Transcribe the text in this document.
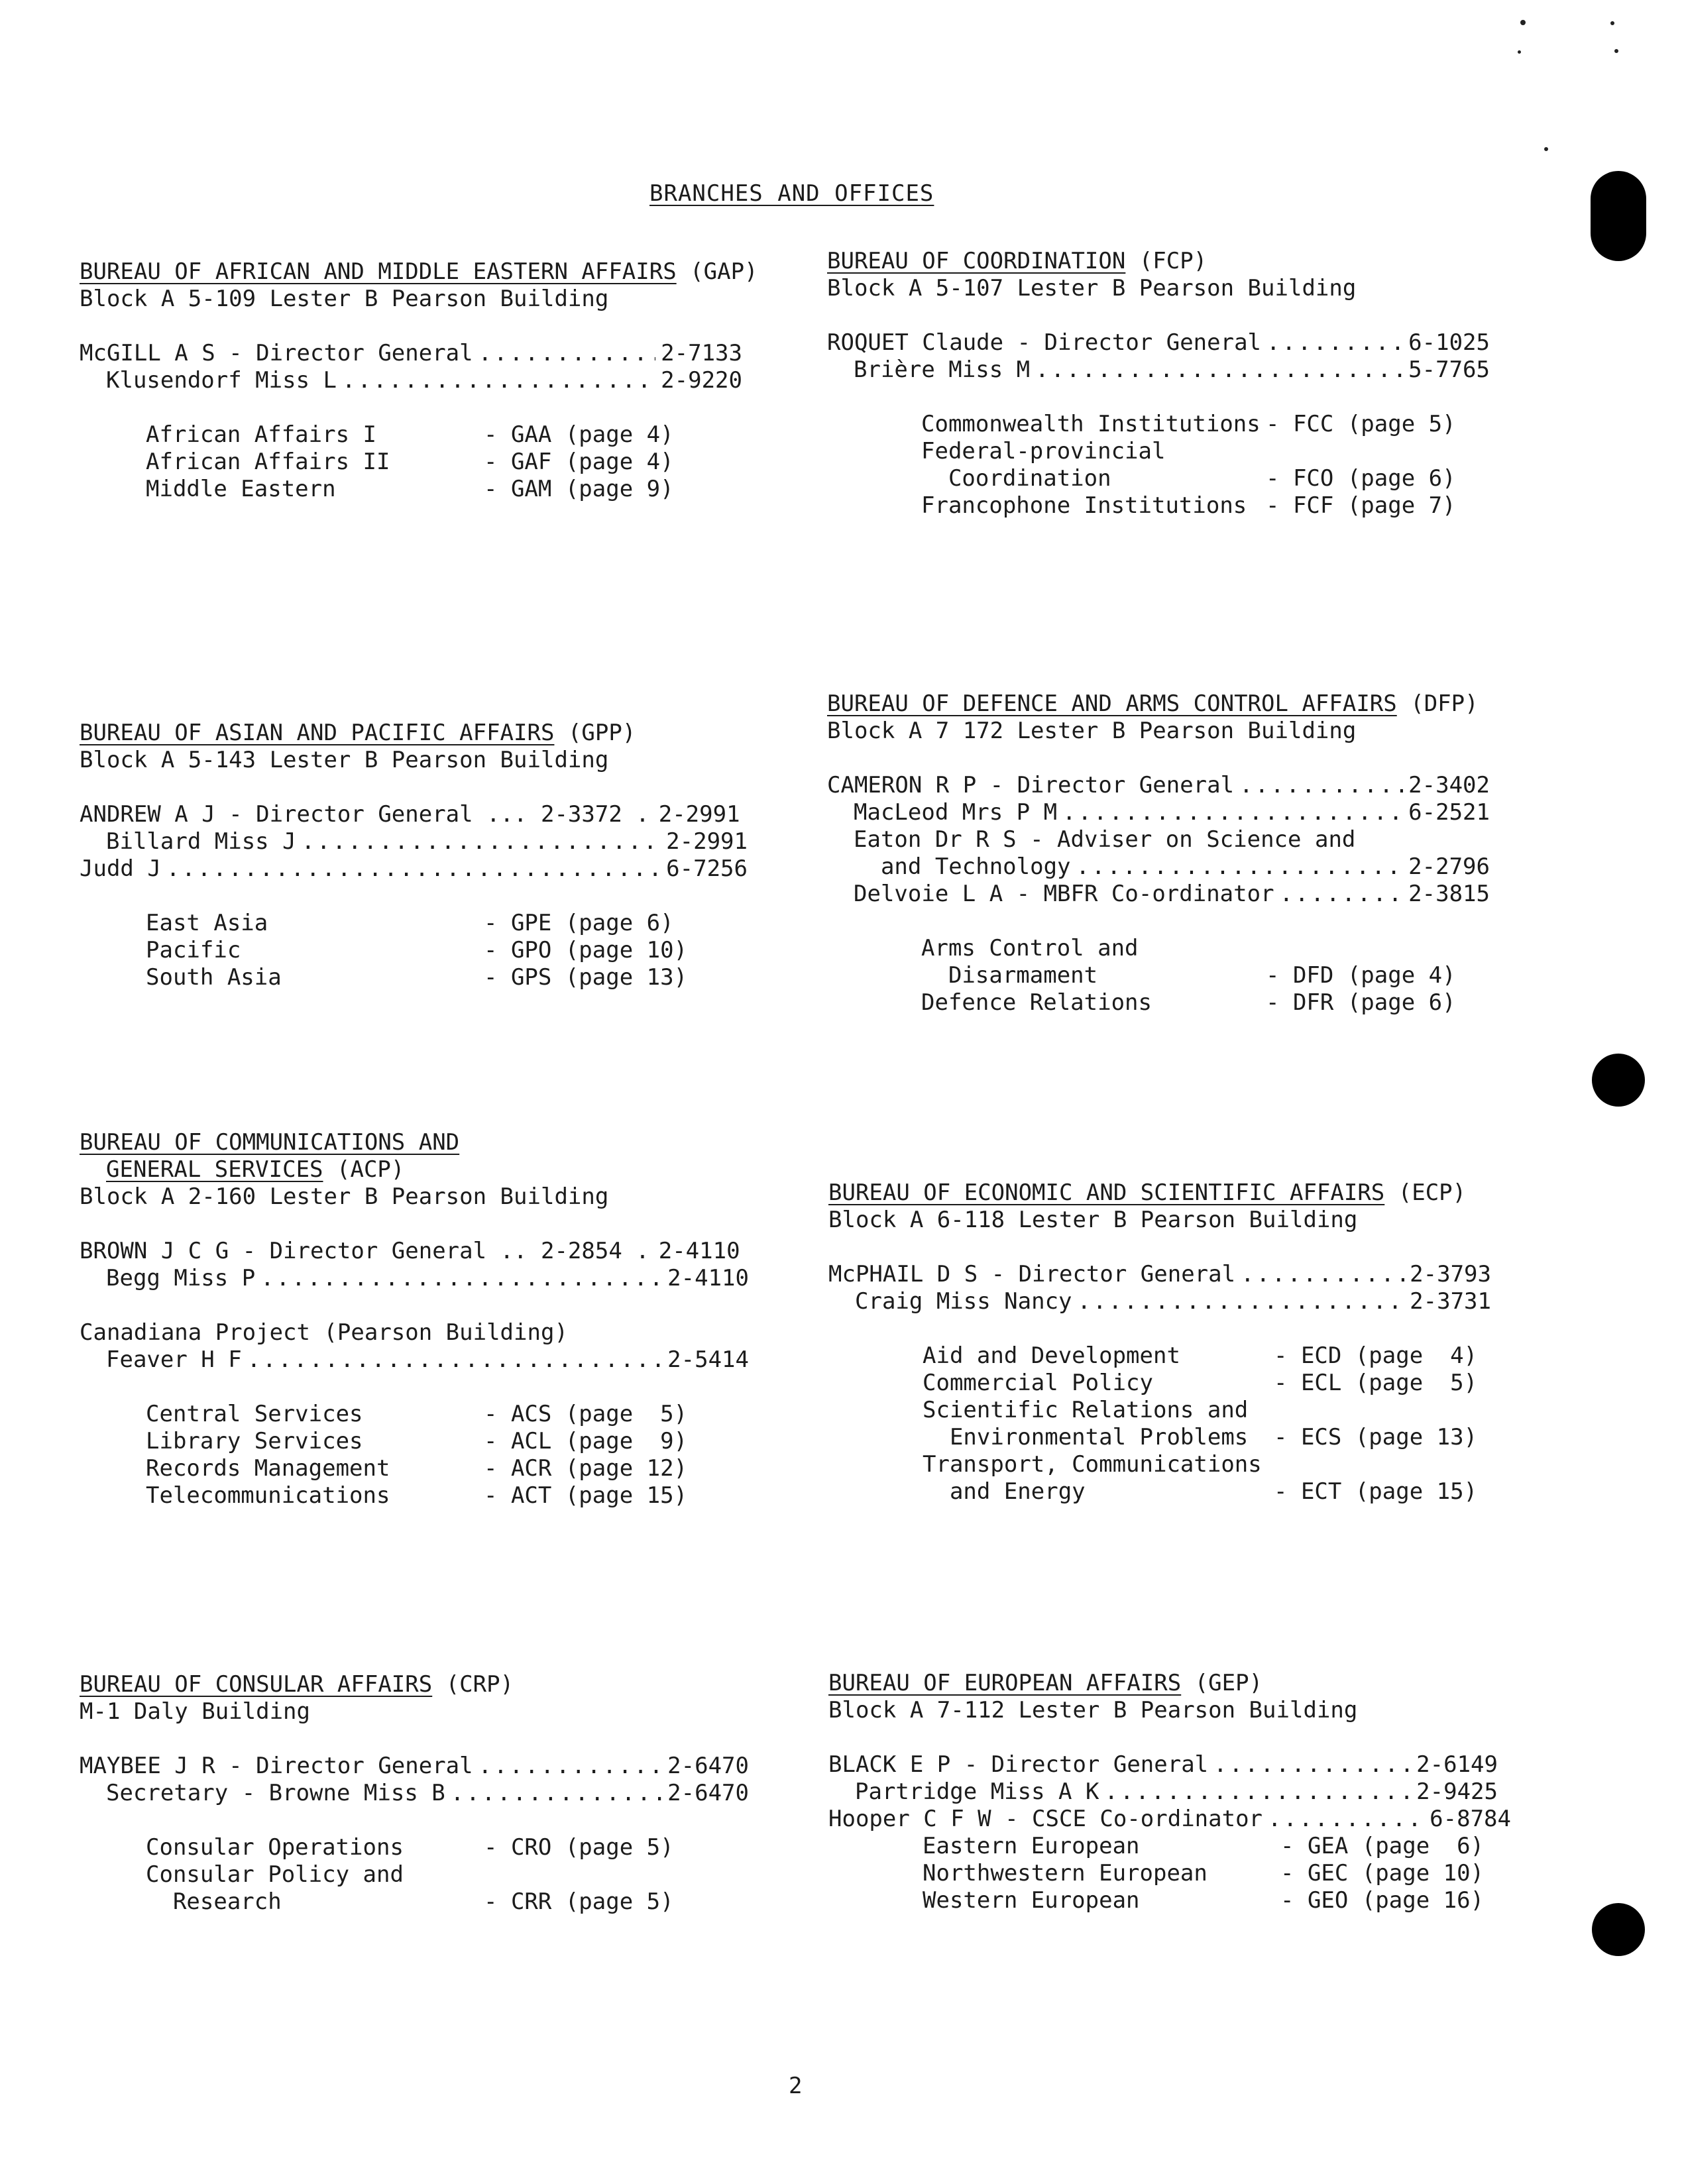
BRANCHES AND OFFICES
BUREAU OF AFRICAN AND MIDDLE EASTERN AFFAIRS (GAP)
Block A 5-109 Lester B Pearson Building
McGILL A S - Director General .....	2-7133
Klusendorf Miss L .....	2-9220
African Affairs I	- GAA (page 4)
African Affairs II	- GAF (page 4)
Middle Eastern	- GAM (page 9)
BUREAU OF ASIAN AND PACIFIC AFFAIRS (GPP)
Block A 5-143 Lester B Pearson Building
ANDREW A J - Director General ... 2-3372 . 2-2991
Billard Miss J .....	2-2991
Judd J .....	6-7256
East Asia	- GPE (page 6)
Pacific	- GPO (page 10)
South Asia	- GPS (page 13)
BUREAU OF COMMUNICATIONS AND
GENERAL SERVICES (ACP)
Block A 2-160 Lester B Pearson Building
BROWN J C G - Director General .. 2-2854 . 2-4110
Begg Miss P .....	2-4110
Canadiana Project (Pearson Building)
Feaver H F .....	2-5414
Central Services	- ACS (page  5)
Library Services	- ACL (page  9)
Records Management	- ACR (page 12)
Telecommunications	- ACT (page 15)
BUREAU OF CONSULAR AFFAIRS (CRP)
M-1 Daly Building
MAYBEE J R - Director General .....	2-6470
Secretary - Browne Miss B .....	2-6470
Consular Operations	- CRO (page 5)
Consular Policy and
Research	- CRR (page 5)
BUREAU OF COORDINATION (FCP)
Block A 5-107 Lester B Pearson Building
ROQUET Claude - Director General .....	6-1025
Brière Miss M .....	5-7765
Commonwealth Institutions - FCC (page 5)
Federal-provincial
Coordination	- FCO (page 6)
Francophone Institutions - FCF (page 7)
BUREAU OF DEFENCE AND ARMS CONTROL AFFAIRS (DFP)
Block A 7 172 Lester B Pearson Building
CAMERON R P - Director General .....	2-3402
MacLeod Mrs P M .....	6-2521
Eaton Dr R S - Adviser on Science and
and Technology .....	2-2796
Delvoie L A - MBFR Co-ordinator .....	2-3815
Arms Control and
Disarmament	- DFD (page 4)
Defence Relations	- DFR (page 6)
BUREAU OF ECONOMIC AND SCIENTIFIC AFFAIRS (ECP)
Block A 6-118 Lester B Pearson Building
McPHAIL D S - Director General .....	2-3793
Craig Miss Nancy .....	2-3731
Aid and Development	- ECD (page  4)
Commercial Policy	- ECL (page  5)
Scientific Relations and
Environmental Problems - ECS (page 13)
Transport, Communications
and Energy	- ECT (page 15)
BUREAU OF EUROPEAN AFFAIRS (GEP)
Block A 7-112 Lester B Pearson Building
BLACK E P - Director General .....	2-6149
Partridge Miss A K .....	2-9425
Hooper C F W - CSCE Co-ordinator .....	6-8784
Eastern European	- GEA (page  6)
Northwestern European	- GEC (page 10)
Western European	- GEO (page 16)
2
